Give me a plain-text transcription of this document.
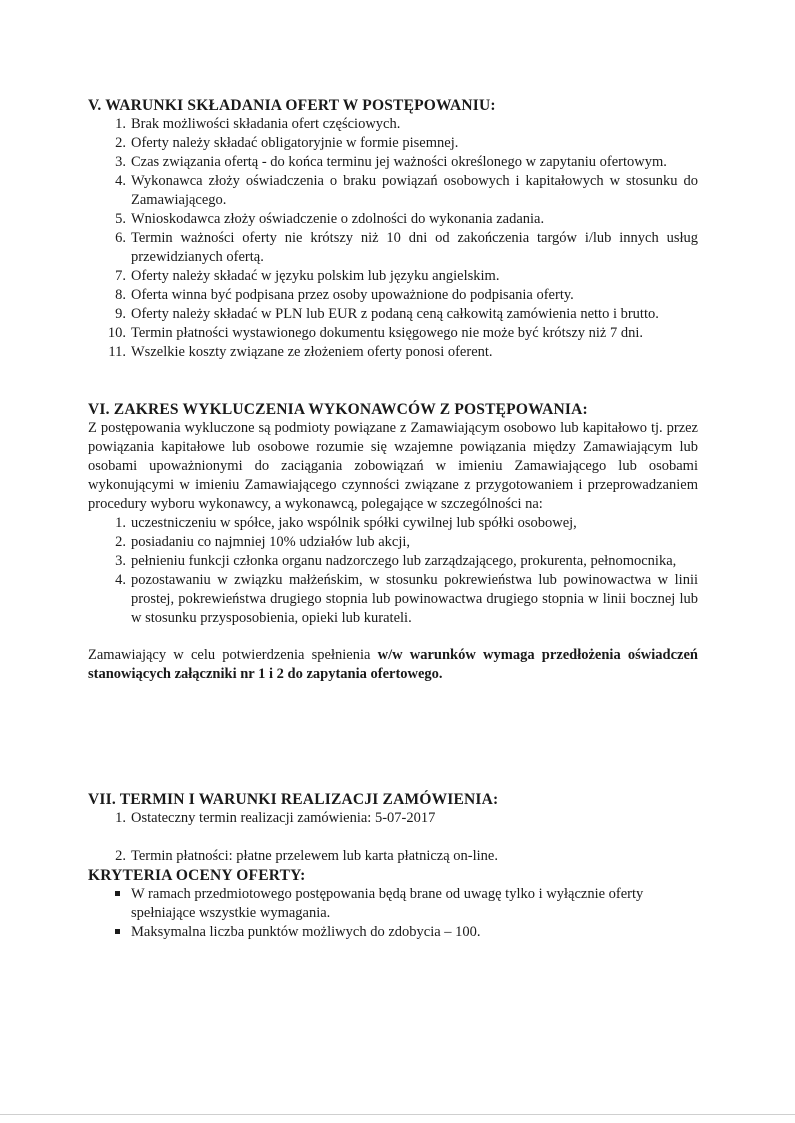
V. WARUNKI SKŁADANIA OFERT W POSTĘPOWANIU:
1. Brak możliwości składania ofert częściowych.
2. Oferty należy składać obligatoryjnie w formie pisemnej.
3. Czas związania ofertą - do końca terminu jej ważności określonego w zapytaniu ofertowym.
4. Wykonawca złoży oświadczenia o braku powiązań osobowych i kapitałowych w stosunku do Zamawiającego.
5. Wnioskodawca złoży oświadczenie o zdolności do wykonania zadania.
6. Termin ważności oferty nie krótszy niż 10 dni od zakończenia targów i/lub innych usług przewidzianych ofertą.
7. Oferty należy składać w języku polskim lub języku angielskim.
8. Oferta winna być podpisana przez osoby upoważnione do podpisania oferty.
9. Oferty należy składać w PLN lub EUR z podaną ceną całkowitą zamówienia netto i brutto.
10. Termin płatności wystawionego dokumentu księgowego nie może być krótszy niż 7 dni.
11. Wszelkie koszty związane ze złożeniem oferty ponosi oferent.
VI. ZAKRES WYKLUCZENIA WYKONAWCÓW Z POSTĘPOWANIA:

Z postępowania wykluczone są podmioty powiązane z Zamawiającym osobowo lub kapitałowo tj. przez powiązania kapitałowe lub osobowe rozumie się wzajemne powiązania między Zamawiającym lub osobami upoważnionymi do zaciągania zobowiązań w imieniu Zamawiającego lub osobami wykonującymi w imieniu Zamawiającego czynności związane z przygotowaniem i przeprowadzaniem procedury wyboru wykonawcy, a wykonawcą, polegające w szczególności na:

1. uczestniczeniu w spółce, jako wspólnik spółki cywilnej lub spółki osobowej,
2. posiadaniu co najmniej 10% udziałów lub akcji,
3. pełnieniu funkcji członka organu nadzorczego lub zarządzającego, prokurenta, pełnomocnika,
4. pozostawaniu w związku małżeńskim, w stosunku pokrewieństwa lub powinowactwa w linii prostej, pokrewieństwa drugiego stopnia lub powinowactwa drugiego stopnia w linii bocznej lub w stosunku przysposobienia, opieki lub kurateli.

Zamawiający w celu potwierdzenia spełnienia w/w warunków wymaga przedłożenia oświadczeń stanowiących załączniki nr 1 i 2 do zapytania ofertowego.

VII. TERMIN I WARUNKI REALIZACJI ZAMÓWIENIA:
1. Ostateczny termin realizacji zamówienia: 5-07-2017
2. Termin płatności: płatne przelewem lub karta płatniczą on-line.
KRYTERIA OCENY OFERTY:
W ramach przedmiotowego postępowania będą brane od uwagę tylko i wyłącznie oferty spełniające wszystkie wymagania.
Maksymalna liczba punktów możliwych do zdobycia – 100.
